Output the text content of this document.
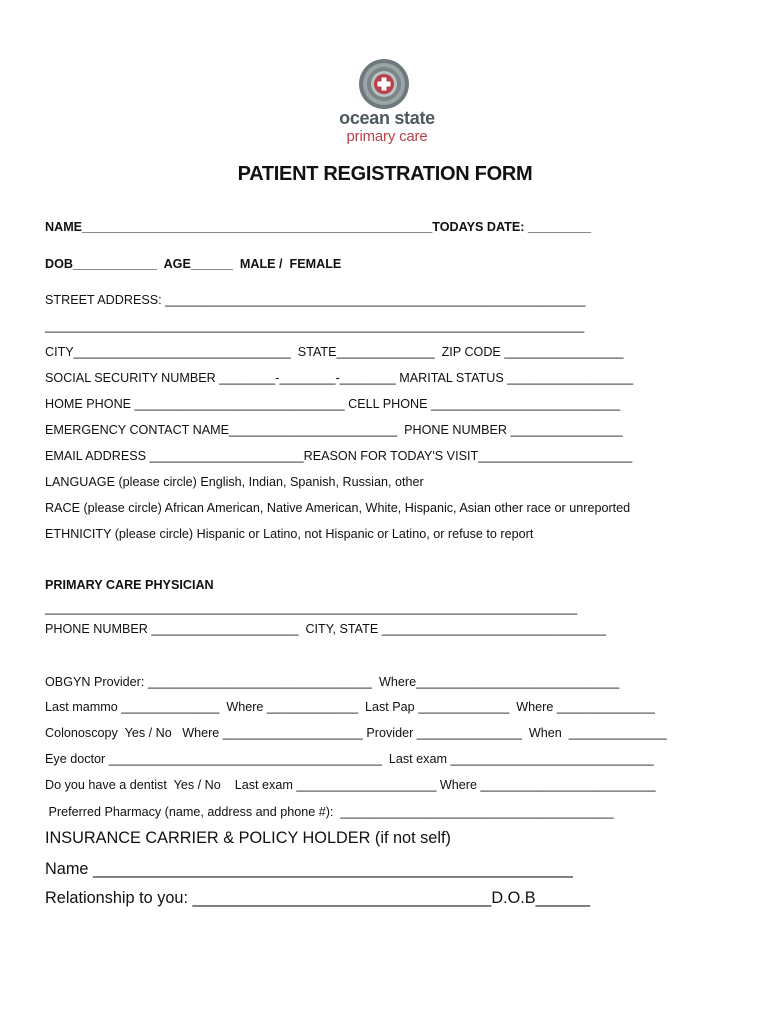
ocean state
primary care
PATIENT REGISTRATION FORM
NAME__________________________________________________TODAYS DATE: _________
DOB____________  AGE______  MALE /  FEMALE
STREET ADDRESS: ____________________________________________________________
_____________________________________________________________________________
CITY_______________________________  STATE______________  ZIP CODE _________________
SOCIAL SECURITY NUMBER ________-________-________ MARITAL STATUS __________________
HOME PHONE ______________________________ CELL PHONE ___________________________
EMERGENCY CONTACT NAME________________________  PHONE NUMBER ________________
EMAIL ADDRESS ______________________REASON FOR TODAY'S VISIT______________________
LANGUAGE (please circle) English, Indian, Spanish, Russian, other
RACE (please circle) African American, Native American, White, Hispanic, Asian other race or unreported
ETHNICITY (please circle) Hispanic or Latino, not Hispanic or Latino, or refuse to report
PRIMARY CARE PHYSICIAN
____________________________________________________________________________
PHONE NUMBER _____________________  CITY, STATE ________________________________
OBGYN Provider: ________________________________  Where_____________________________
Last mammo ______________  Where _____________  Last Pap _____________  Where ______________
Colonoscopy  Yes / No   Where ____________________ Provider _______________  When  ______________
Eye doctor _______________________________________  Last exam _____________________________
Do you have a dentist  Yes / No    Last exam ____________________ Where _________________________
Preferred Pharmacy (name, address and phone #):  _______________________________________
INSURANCE CARRIER & POLICY HOLDER (if not self)
Name _____________________________________________________
Relationship to you: _________________________________D.O.B______
